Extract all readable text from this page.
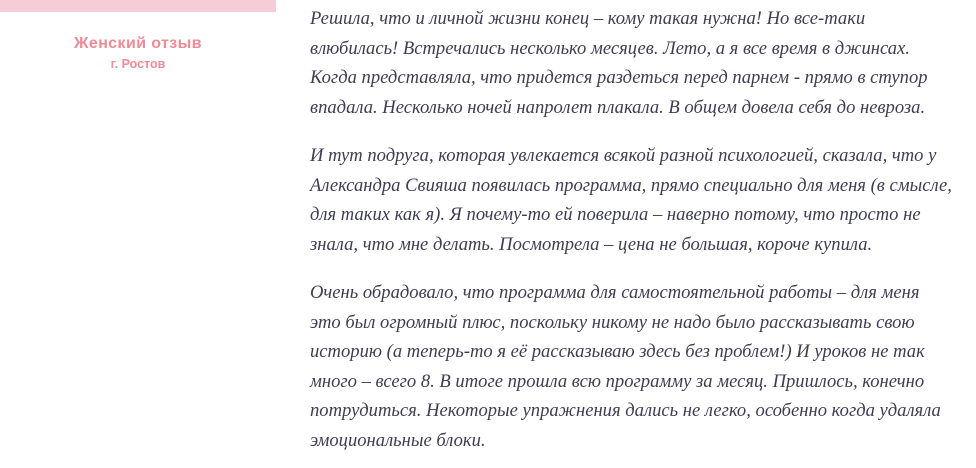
Женский отзыв
г. Ростов

Решила, что и личной жизни конец – кому такая нужна! Но все-таки влюбилась! Встречались несколько месяцев. Лето, а я все время в джинсах. Когда представляла, что придется раздеться перед парнем - прямо в ступор впадала. Несколько ночей напролет плакала. В общем довела себя до невроза.

И тут подруга, которая увлекается всякой разной психологией, сказала, что у Александра Свияша появилась программа, прямо специально для меня (в смысле, для таких как я). Я почему-то ей поверила – наверно потому, что просто не знала, что мне делать. Посмотрела – цена не большая, короче купила.

Очень обрадовало, что программа для самостоятельной работы – для меня это был огромный плюс, поскольку никому не надо было рассказывать свою историю (а теперь-то я её рассказываю здесь без проблем!) И уроков не так много – всего 8. В итоге прошла всю программу за месяц. Пришлось, конечно потрудиться. Некоторые упражнения дались не легко, особенно когда удаляла эмоциональные блоки.
